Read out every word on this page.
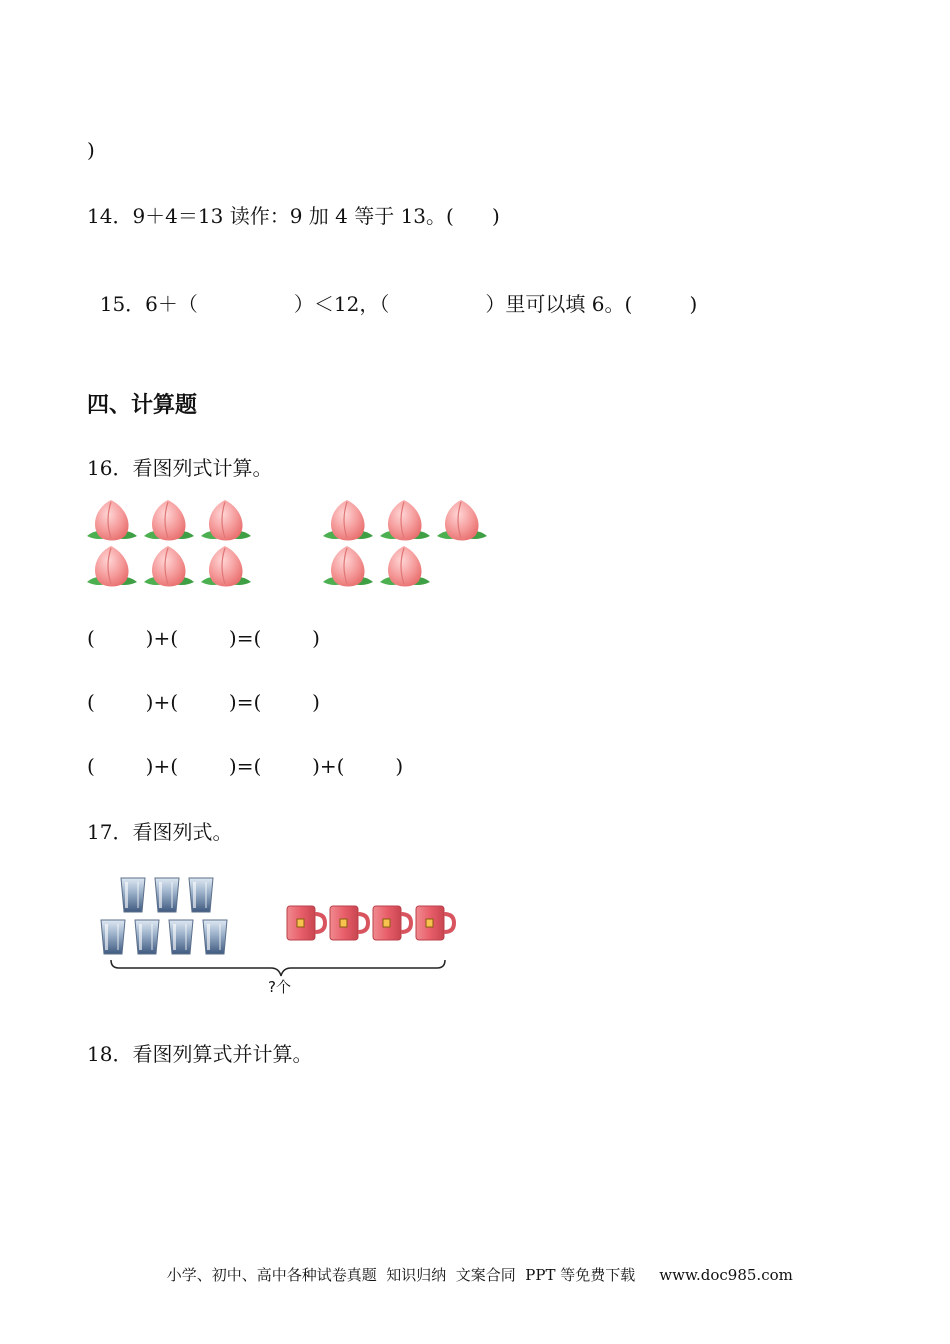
)
14．9＋4＝13 读作：9 加 4 等于 13。(      )

15．6＋（	）＜12，（	）里可以填 6。(         )

四、计算题
16．看图列式计算。
(        )+(        )=(        )
(        )+(        )=(        )
(        )+(        )=(        )+(        )
17．看图列式。
?个
18．看图列算式并计算。

小学、初中、高中各种试卷真题  知识归纳  文案合同  PPT 等免费下载 www.doc985.com
